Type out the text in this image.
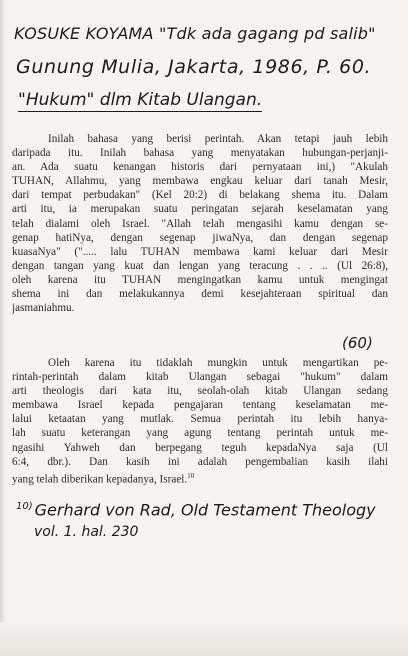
KOSUKE KOYAMA "Tdk ada gagang pd salib"
Gunung Mulia, Jakarta, 1986, P. 60.
"Hukum" dlm Kitab Ulangan.
Inilah bahasa yang berisi perintah. Akan tetapi jauh lebih
daripada itu. Inilah bahasa yang menyatakan hubungan-perjanji-
an. Ada suatu kenangan historis dari pernyataan ini,) "Akulah
TUHAN, Allahmu, yang membawa engkau keluar dari tanah Mesir,
dari tempat perbudakan" (Kel 20:2) di belakang shema itu. Dalam
arti itu, ia merupakan suatu peringatan sejarah keselamatan yang
telah dialami oleh Israel. "Allah telah mengasihi kamu dengan se-
genap hatiNya, dengan segenap jiwaNya, dan dengan segenap
kuasaNya" ("..... lalu TUHAN membawa kami keluar dari Mesir
dengan tangan yang kuat dan lengan yang teracung . . .. (Ul 26:8),
oleh karena itu TUHAN mengingatkan kamu untuk mengingat
shema ini dan melakukannya demi kesejahteraan spiritual dan
jasmaniahmu.
(60)
Oleh karena itu tidaklah mungkin untuk mengartikan pe-
rintah-perintah dalam kitab Ulangan sebagai "hukum" dalam
arti theologis dari kata itu, seolah-olah kitab Ulangan sedang
membawa Israel kepada pengajaran tentang keselamatan me-
lalui ketaatan yang mutlak. Semua perintah itu lebih hanya-
lah suatu keterangan yang agung tentang perintah untuk me-
ngasihi Yahweh dan berpegang teguh kepadaNya saja (Ul
6:4, dbr.). Dan kasih ini adalah pengembalian kasih ilahi
yang telah diberikan kepadanya, Israel.$^{10}$
$^{10)}$ Gerhard von Rad, Old Testament Theology
vol. 1. hal. 230
